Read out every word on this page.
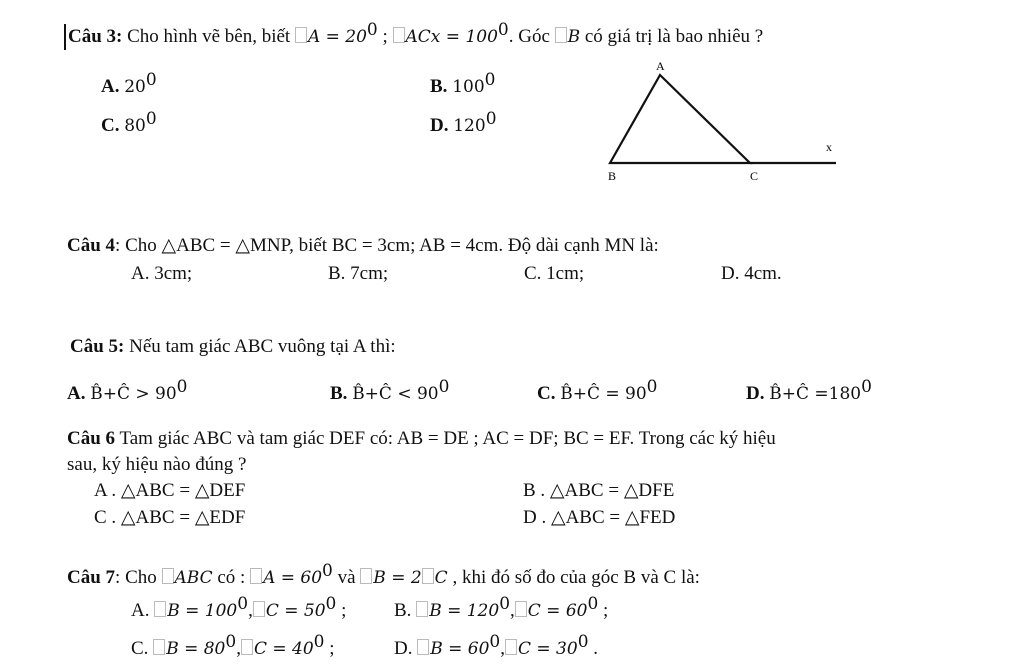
Câu 3: Cho hình vẽ bên, biết $A = 20^0$ ; ACx = $100^0$. Góc B có giá trị là bao nhiêu ?
A. $20^0$	B. $100^0$
C. $80^0$	D. $120^0$
A
B	C
x
Câu 4: Cho △ABC = △MNP, biết BC = 3cm; AB = 4cm. Độ dài cạnh MN là:
A. 3cm;	B. 7cm;	C. 1cm;	D. 4cm.
Câu 5: Nếu tam giác ABC vuông tại A thì:
A. B̂+Ĉ > $90^0$	B. B̂+Ĉ < $90^0$	C. B̂+Ĉ = $90^0$	D. B̂+Ĉ $=180^0$
Câu 6 Tam giác ABC và tam giác DEF có: AB = DE ; AC = DF; BC = EF. Trong các ký hiệu
sau, ký hiệu nào đúng ?
A . △ABC = △DEF	B . △ABC = △DFE
C . △ABC = △EDF	D . △ABC = △FED
Câu 7: Cho ABC có : $A = 60^0$ và B = 2 C , khi đó số đo của góc B và C là:
A. $B = 100^0$, $C = 50^0$ ;	B. $B = 120^0$, $C = 60^0$ ;
C. $B = 80^0$, $C = 40^0$ ;	D. $B = 60^0$, $C = 30^0$ .
